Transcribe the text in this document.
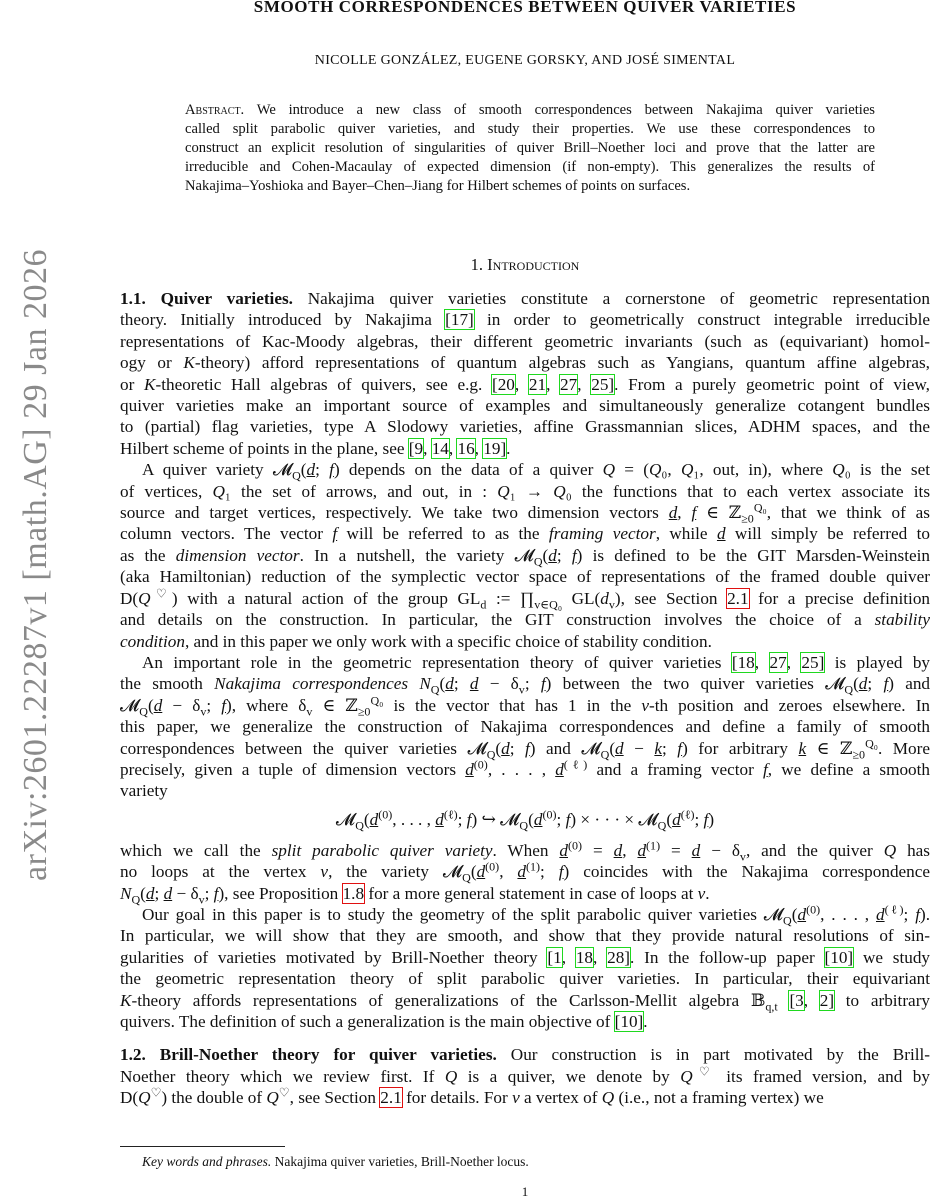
arXiv:2601.22287v1 [math.AG] 29 Jan 2026
SMOOTH CORRESPONDENCES BETWEEN QUIVER VARIETIES
NICOLLE GONZÁLEZ, EUGENE GORSKY, AND JOSÉ SIMENTAL
Abstract. We introduce a new class of smooth correspondences between Nakajima quiver varieties
called split parabolic quiver varieties, and study their properties. We use these correspondences to
construct an explicit resolution of singularities of quiver Brill–Noether loci and prove that the latter are
irreducible and Cohen-Macaulay of expected dimension (if non-empty). This generalizes the results of
Nakajima–Yoshioka and Bayer–Chen–Jiang for Hilbert schemes of points on surfaces.
1. Introduction
1.1. Quiver varieties. Nakajima quiver varieties constitute a cornerstone of geometric representation
theory. Initially introduced by Nakajima [17] in order to geometrically construct integrable irreducible
representations of Kac-Moody algebras, their different geometric invariants (such as (equivariant) homol-
ogy or K-theory) afford representations of quantum algebras such as Yangians, quantum affine algebras,
or K-theoretic Hall algebras of quivers, see e.g. [20, 21, 27, 25]. From a purely geometric point of view,
quiver varieties make an important source of examples and simultaneously generalize cotangent bundles
to (partial) flag varieties, type A Slodowy varieties, affine Grassmannian slices, ADHM spaces, and the
Hilbert scheme of points in the plane, see [9, 14, 16, 19].
A quiver variety 𝓜$_Q$(d; f) depends on the data of a quiver Q = (Q₀, Q₁, out, in), where Q₀ is the set
of vertices, Q₁ the set of arrows, and out, in : Q₁ → Q₀ the functions that to each vertex associate its
source and target vertices, respectively. We take two dimension vectors d, f ∈ ℤ$_{\ge 0}^{Q_0}$, that we think of as
column vectors. The vector f will be referred to as the framing vector, while d will simply be referred to
as the dimension vector. In a nutshell, the variety 𝓜$_Q$(d; f) is defined to be the GIT Marsden-Weinstein
(aka Hamiltonian) reduction of the symplectic vector space of representations of the framed double quiver
D(Q♡) with a natural action of the group $GL_d$ := $\prod_{v\in Q_0}$ $GL(d_v)$, see Section 2.1 for a precise definition
and details on the construction. In particular, the GIT construction involves the choice of a stability
condition, and in this paper we only work with a specific choice of stability condition.
An important role in the geometric representation theory of quiver varieties [18, 27, 25] is played by
the smooth Nakajima correspondences $N_Q(d$; $d - \delta_v$; f) between the two quiver varieties 𝓜$_Q$(d; f) and
𝓜$_Q$(d − $\delta_v$; f), where $\delta_v$ ∈ ℤ$_{\ge 0}^{Q_0}$ is the vector that has 1 in the v-th position and zeroes elsewhere. In
this paper, we generalize the construction of Nakajima correspondences and define a family of smooth
correspondences between the quiver varieties 𝓜$_Q$(d; f) and 𝓜$_Q$(d − k; f) for arbitrary k ∈ ℤ$_{\ge 0}^{Q_0}$. More
precisely, given a tuple of dimension vectors $d^{(0)}$, . . . , $d^{(\ell)}$ and a framing vector f, we define a smooth
variety
$𝓜_Q(d^{(0)}$, . . . , $d^{(\ell)}$; f) ↪ $𝓜_Q(d^{(0)}$; f) × · · · × $𝓜_Q(d^{(\ell)}$; f)
which we call the split parabolic quiver variety. When $d^{(0)} = d$, $d^{(1)} = d - \delta_v$, and the quiver Q has
no loops at the vertex v, the variety $𝓜_Q(d^{(0)}$, $d^{(1)}$; f) coincides with the Nakajima correspondence
$N_Q(d$; $d - \delta_v$; f), see Proposition 1.8 for a more general statement in case of loops at v.
Our goal in this paper is to study the geometry of the split parabolic quiver varieties $𝓜_Q(d^{(0)}$, . . . , $d^{(\ell)}$; f).
In particular, we will show that they are smooth, and show that they provide natural resolutions of sin-
gularities of varieties motivated by Brill-Noether theory [1, 18, 28]. In the follow-up paper [10] we study
the geometric representation theory of split parabolic quiver varieties. In particular, their equivariant
K-theory affords representations of generalizations of the Carlsson-Mellit algebra 𝔹$_{q,t}$ [3, 2] to arbitrary
quivers. The definition of such a generalization is the main objective of [10].
1.2. Brill-Noether theory for quiver varieties. Our construction is in part motivated by the Brill-
Noether theory which we review first. If Q is a quiver, we denote by Q♡ its framed version, and by
D(Q♡) the double of Q♡, see Section 2.1 for details. For v a vertex of Q (i.e., not a framing vertex) we
Key words and phrases. Nakajima quiver varieties, Brill-Noether locus.
1
